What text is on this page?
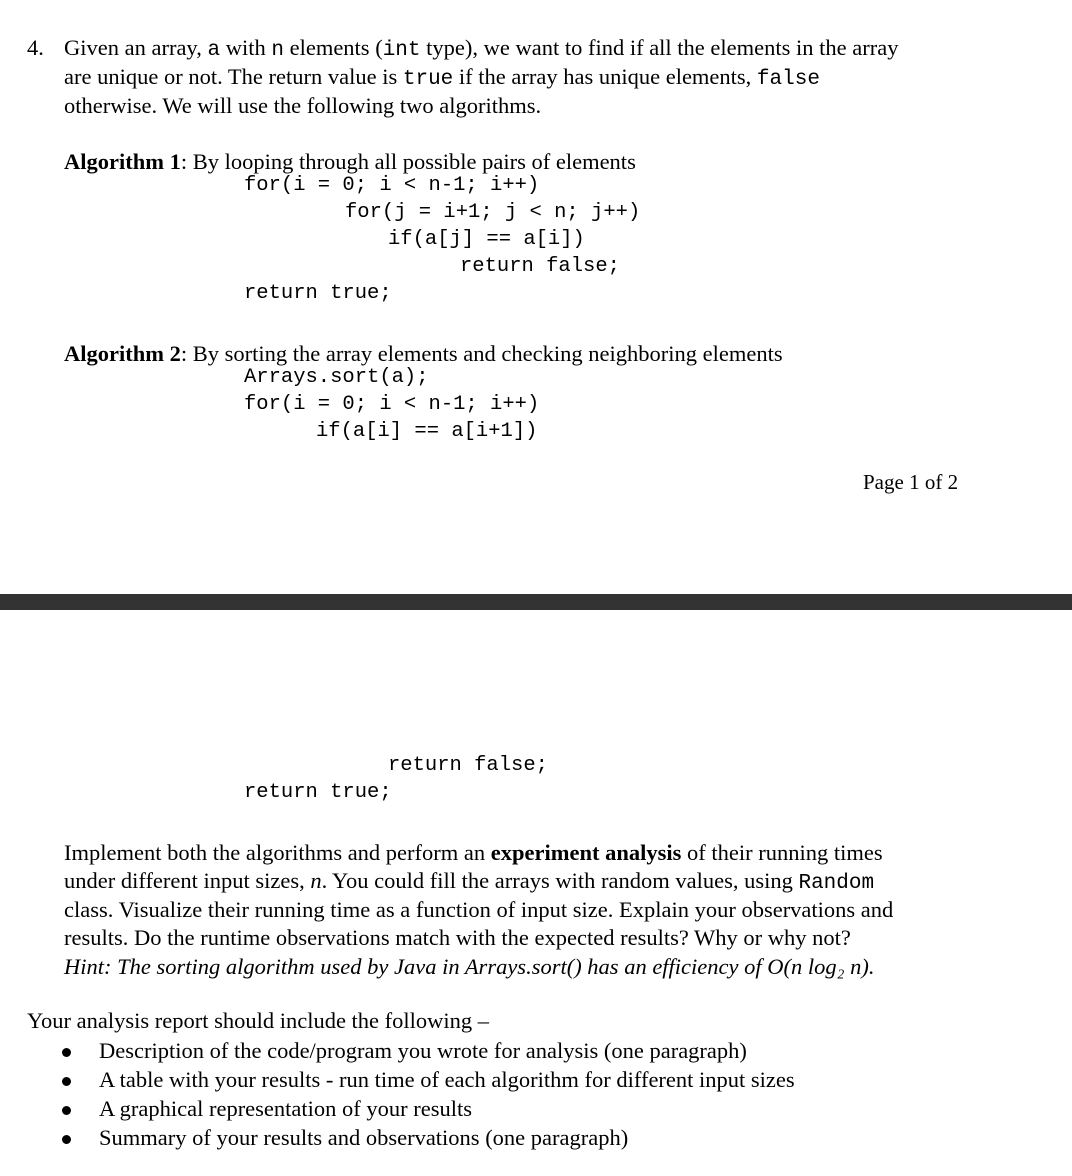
4. Given an array, a with n elements (int type), we want to find if all the elements in the array
are unique or not. The return value is true if the array has unique elements, false
otherwise. We will use the following two algorithms.
Algorithm 1: By looping through all possible pairs of elements
for(i = 0; i < n-1; i++)
for(j = i+1; j < n; j++)
if(a[j] == a[i])
return false;
return true;
Algorithm 2: By sorting the array elements and checking neighboring elements
Arrays.sort(a);
for(i = 0; i < n-1; i++)
if(a[i] == a[i+1])
Page 1 of 2
return false;
return true;
Implement both the algorithms and perform an experiment analysis of their running times
under different input sizes, n. You could fill the arrays with random values, using Random
class. Visualize their running time as a function of input size. Explain your observations and
results. Do the runtime observations match with the expected results? Why or why not?
Hint: The sorting algorithm used by Java in Arrays.sort() has an efficiency of O(n log₂ n).
Your analysis report should include the following –
Description of the code/program you wrote for analysis (one paragraph)
A table with your results - run time of each algorithm for different input sizes
A graphical representation of your results
Summary of your results and observations (one paragraph)
